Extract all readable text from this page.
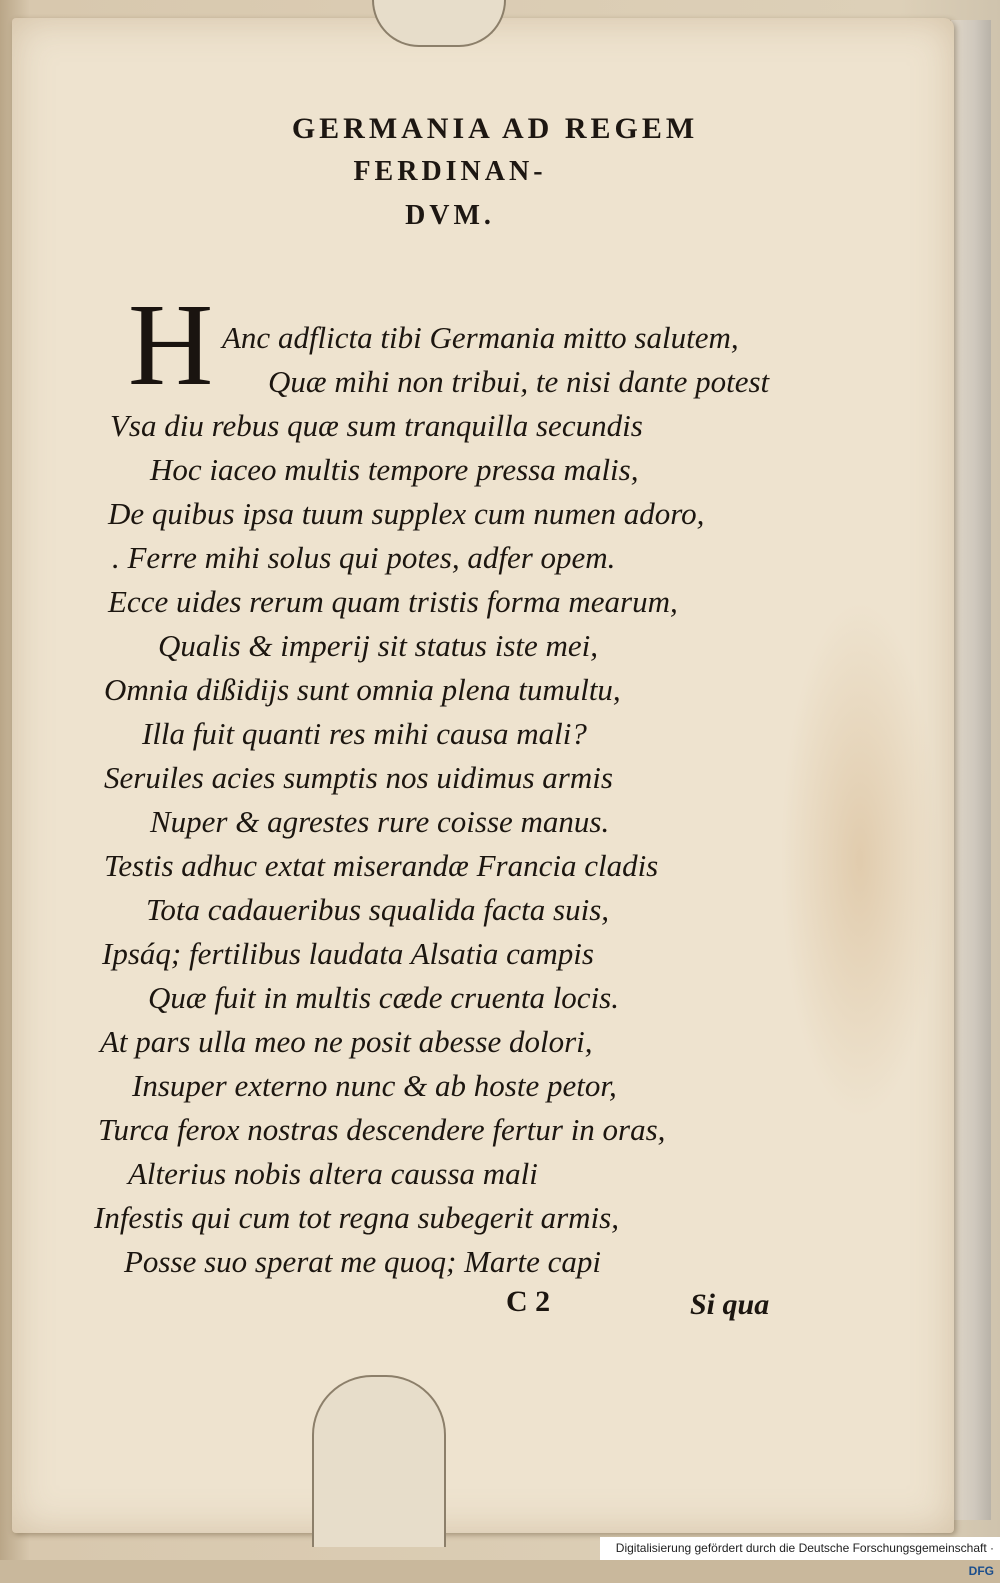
GERMANIA AD REGEM
FERDINAN-
DVM.
H Anc adflicta tibi Germania mitto salutem,
Quæ mihi non tribui, te nisi dante potest
Vsa diu rebus quæ sum tranquilla secundis
Hoc iaceo multis tempore pressa malis,
De quibus ipsa tuum supplex cum numen adoro,
. Ferre mihi solus qui potes, adfer opem.
Ecce uides rerum quam tristis forma mearum,
Qualis & imperij sit status iste mei,
Omnia dißidijs sunt omnia plena tumultu,
Illa fuit quanti res mihi causa mali?
Seruiles acies sumptis nos uidimus armis
Nuper & agrestes rure coisse manus.
Testis adhuc extat miserandæ Francia cladis
Tota cadaueribus squalida facta suis,
Ipsáq; fertilibus laudata Alsatia campis
Quæ fuit in multis cæde cruenta locis.
At pars ulla meo ne posit abesse dolori,
Insuper externo nunc & ab hoste petor,
Turca ferox nostras descendere fertur in oras,
Alterius nobis altera caussa mali
Infestis qui cum tot regna subegerit armis,
Posse suo sperat me quoq; Marte capi
C 2	Si qua
Digitalisierung gefördert durch die Deutsche Forschungsgemeinschaft · DFG
